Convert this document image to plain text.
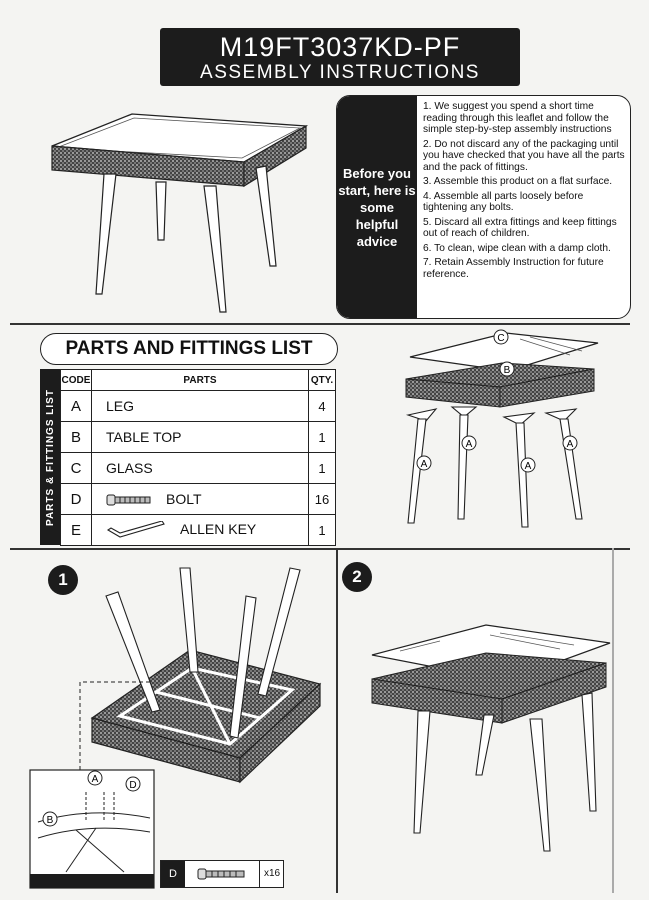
M19FT3037KD-PF
ASSEMBLY INSTRUCTIONS
Before you start, here is some helpful advice

1. We suggest you spend a short time reading through this leaflet and follow the simple step-by-step assembly instructions

2. Do not discard any of the packaging until you have checked that you have all the parts and the pack of fittings.

3. Assemble this product on a flat surface.

4. Assemble all parts loosely before tightening any bolts.

5. Discard all extra fittings and keep fittings out of reach of children.

6. To clean, wipe clean with a damp cloth.

7. Retain Assembly Instruction for future reference.

PARTS AND FITTINGS LIST
PARTS & FITTINGS LIST
CODE	PARTS	QTY.
A	LEG	4
B	TABLE TOP	1
C	GLASS	1
D	BOLT	16
E	ALLEN KEY	1
C
B
A
A
A
A
1	2
A
D
B
D	x16
